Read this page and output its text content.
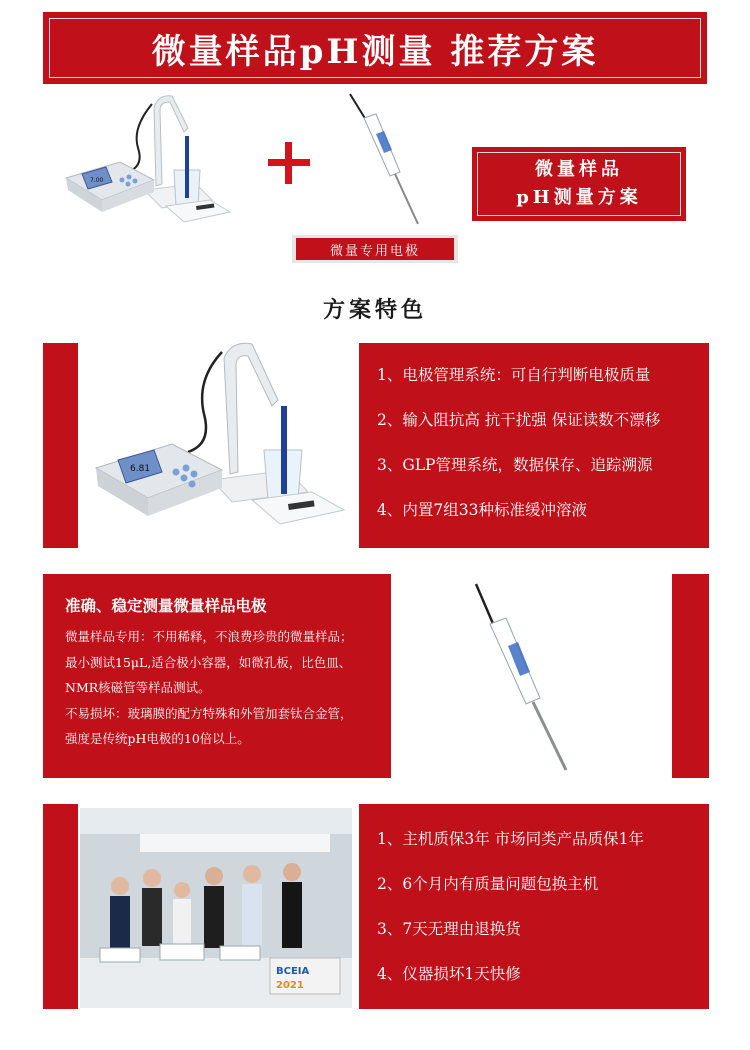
微量样品pH测量 推荐方案
7.00
微量样品
pH测量方案
微量专用电极
方案特色
6.81
1、电极管理系统：可自行判断电极质量
2、输入阻抗高 抗干扰强 保证读数不漂移
3、GLP管理系统，数据保存、追踪溯源
4、内置7组33种标准缓冲溶液
准确、稳定测量微量样品电极
微量样品专用：不用稀释，不浪费珍贵的微量样品；
最小测试15μL,适合极小容器，如微孔板，比色皿、
NMR核磁管等样品测试。
不易损坏：玻璃膜的配方特殊和外管加套钛合金管，
强度是传统pH电极的10倍以上。
BCEIA
2021
1、主机质保3年 市场同类产品质保1年
2、6个月内有质量问题包换主机
3、7天无理由退换货
4、仪器损坏1天快修
